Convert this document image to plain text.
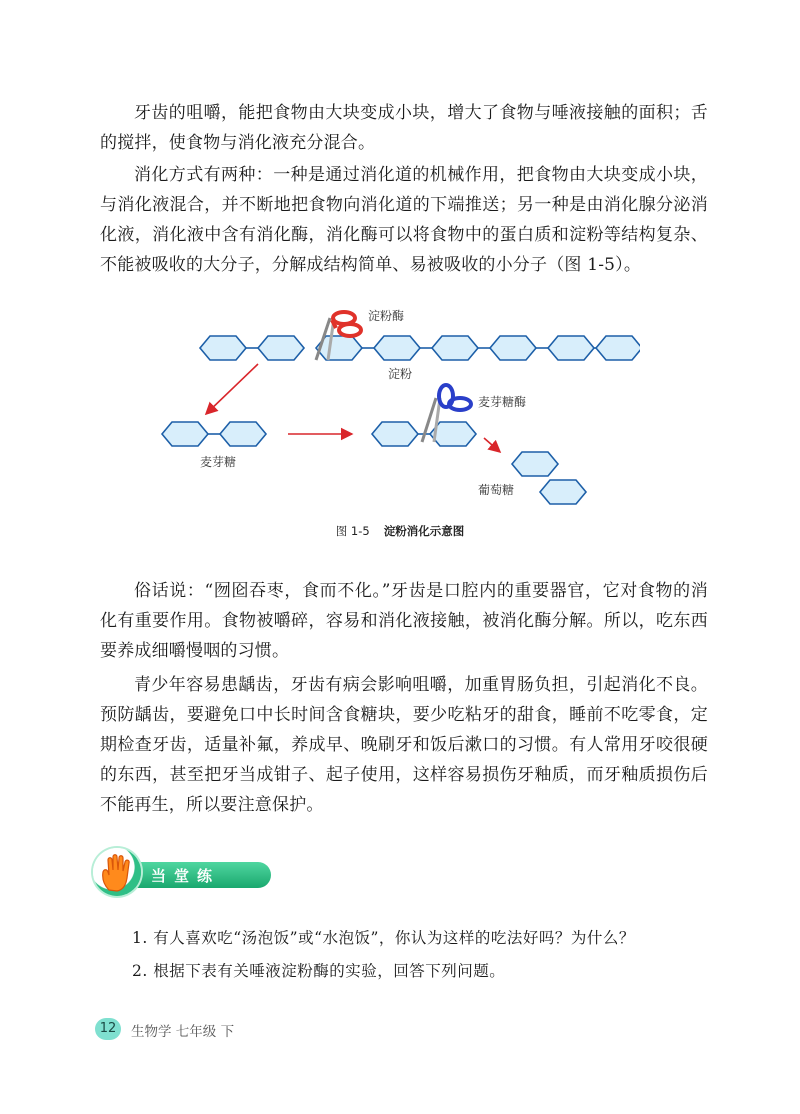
牙齿的咀嚼，能把食物由大块变成小块，增大了食物与唾液接触的面积；舌的搅拌，使食物与消化液充分混合。

消化方式有两种：一种是通过消化道的机械作用，把食物由大块变成小块，与消化液混合，并不断地把食物向消化道的下端推送；另一种是由消化腺分泌消化液，消化液中含有消化酶，消化酶可以将食物中的蛋白质和淀粉等结构复杂、不能被吸收的大分子，分解成结构简单、易被吸收的小分子（图 1-5）。

淀粉酶
淀粉
麦芽糖
麦芽糖酶
葡萄糖
图 1-5 淀粉消化示意图

俗话说：“囫囵吞枣，食而不化。”牙齿是口腔内的重要器官，它对食物的消化有重要作用。食物被嚼碎，容易和消化液接触，被消化酶分解。所以，吃东西要养成细嚼慢咽的习惯。

青少年容易患龋齿，牙齿有病会影响咀嚼，加重胃肠负担，引起消化不良。预防龋齿，要避免口中长时间含食糖块，要少吃粘牙的甜食，睡前不吃零食，定期检查牙齿，适量补氟，养成早、晚刷牙和饭后漱口的习惯。有人常用牙咬很硬的东西，甚至把牙当成钳子、起子使用，这样容易损伤牙釉质，而牙釉质损伤后不能再生，所以要注意保护。

当堂练

1. 有人喜欢吃“汤泡饭”或“水泡饭”，你认为这样的吃法好吗？为什么？

2. 根据下表有关唾液淀粉酶的实验，回答下列问题。

12	生物学 七年级 下
